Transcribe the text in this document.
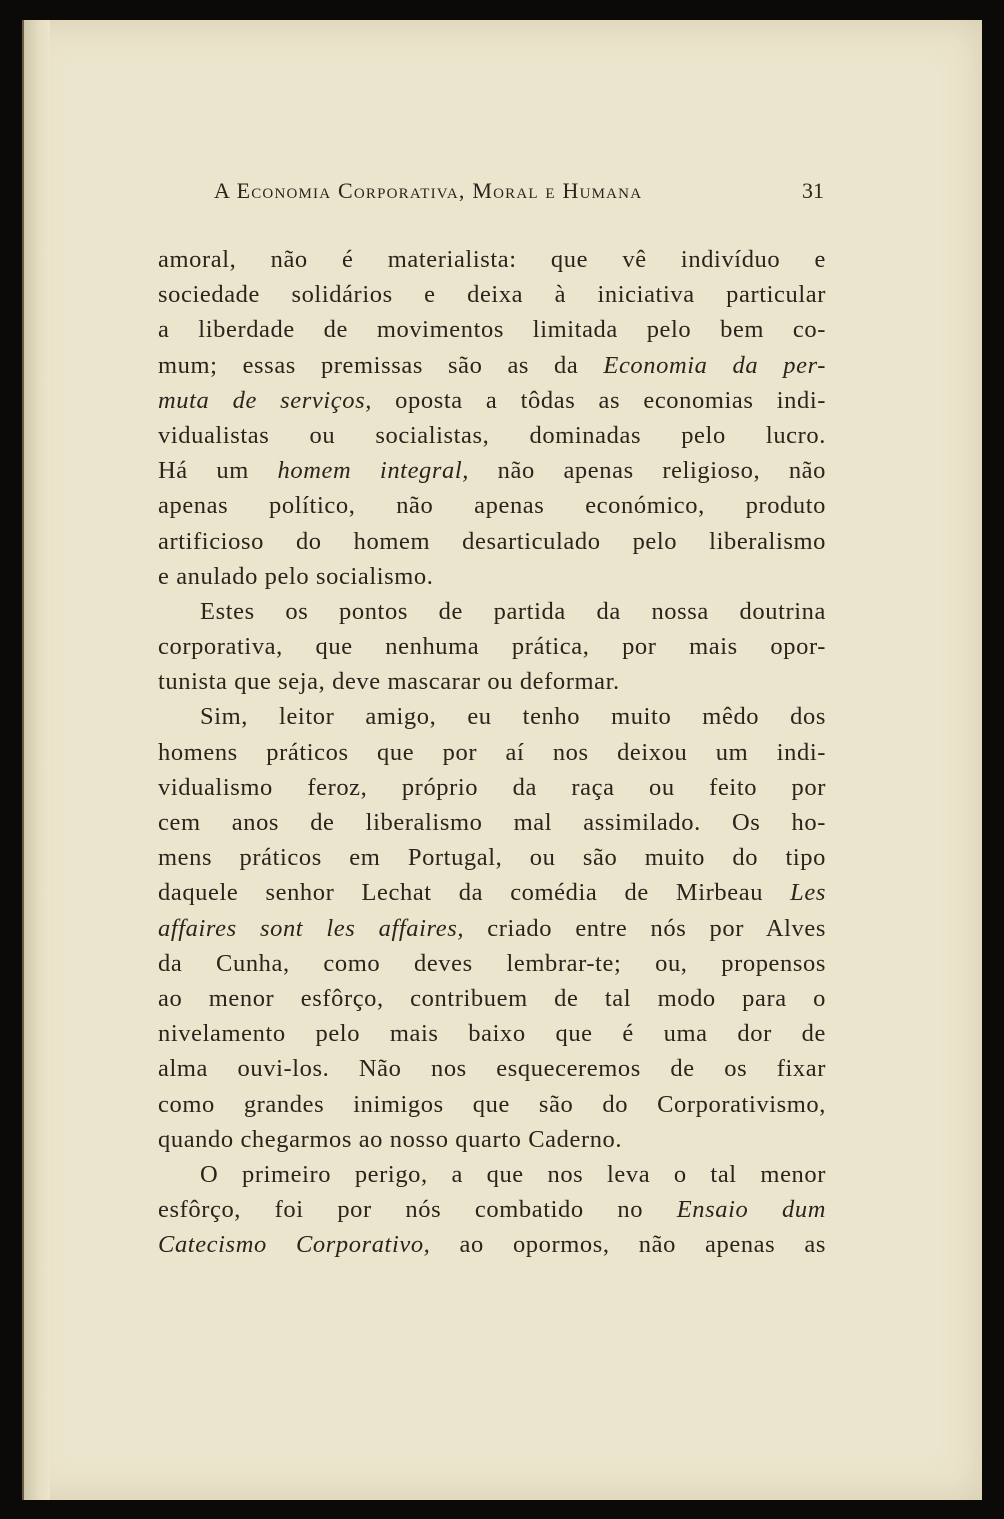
A Economia Corporativa, Moral e Humana	31
amoral, não é materialista: que vê indivíduo e
sociedade solidários e deixa à iniciativa particular
a liberdade de movimentos limitada pelo bem co-
mum; essas premissas são as da Economia da per-
muta de serviços, oposta a tôdas as economias indi-
vidualistas ou socialistas, dominadas pelo lucro.
Há um homem integral, não apenas religioso, não
apenas político, não apenas económico, produto
artificioso do homem desarticulado pelo liberalismo
e anulado pelo socialismo.
Estes os pontos de partida da nossa doutrina
corporativa, que nenhuma prática, por mais opor-
tunista que seja, deve mascarar ou deformar.
Sim, leitor amigo, eu tenho muito mêdo dos
homens práticos que por aí nos deixou um indi-
vidualismo feroz, próprio da raça ou feito por
cem anos de liberalismo mal assimilado. Os ho-
mens práticos em Portugal, ou são muito do tipo
daquele senhor Lechat da comédia de Mirbeau Les
affaires sont les affaires, criado entre nós por Alves
da Cunha, como deves lembrar-te; ou, propensos
ao menor esfôrço, contribuem de tal modo para o
nivelamento pelo mais baixo que é uma dor de
alma ouvi-los. Não nos esqueceremos de os fixar
como grandes inimigos que são do Corporativismo,
quando chegarmos ao nosso quarto Caderno.
O primeiro perigo, a que nos leva o tal menor
esfôrço, foi por nós combatido no Ensaio dum
Catecismo Corporativo, ao opormos, não apenas as
